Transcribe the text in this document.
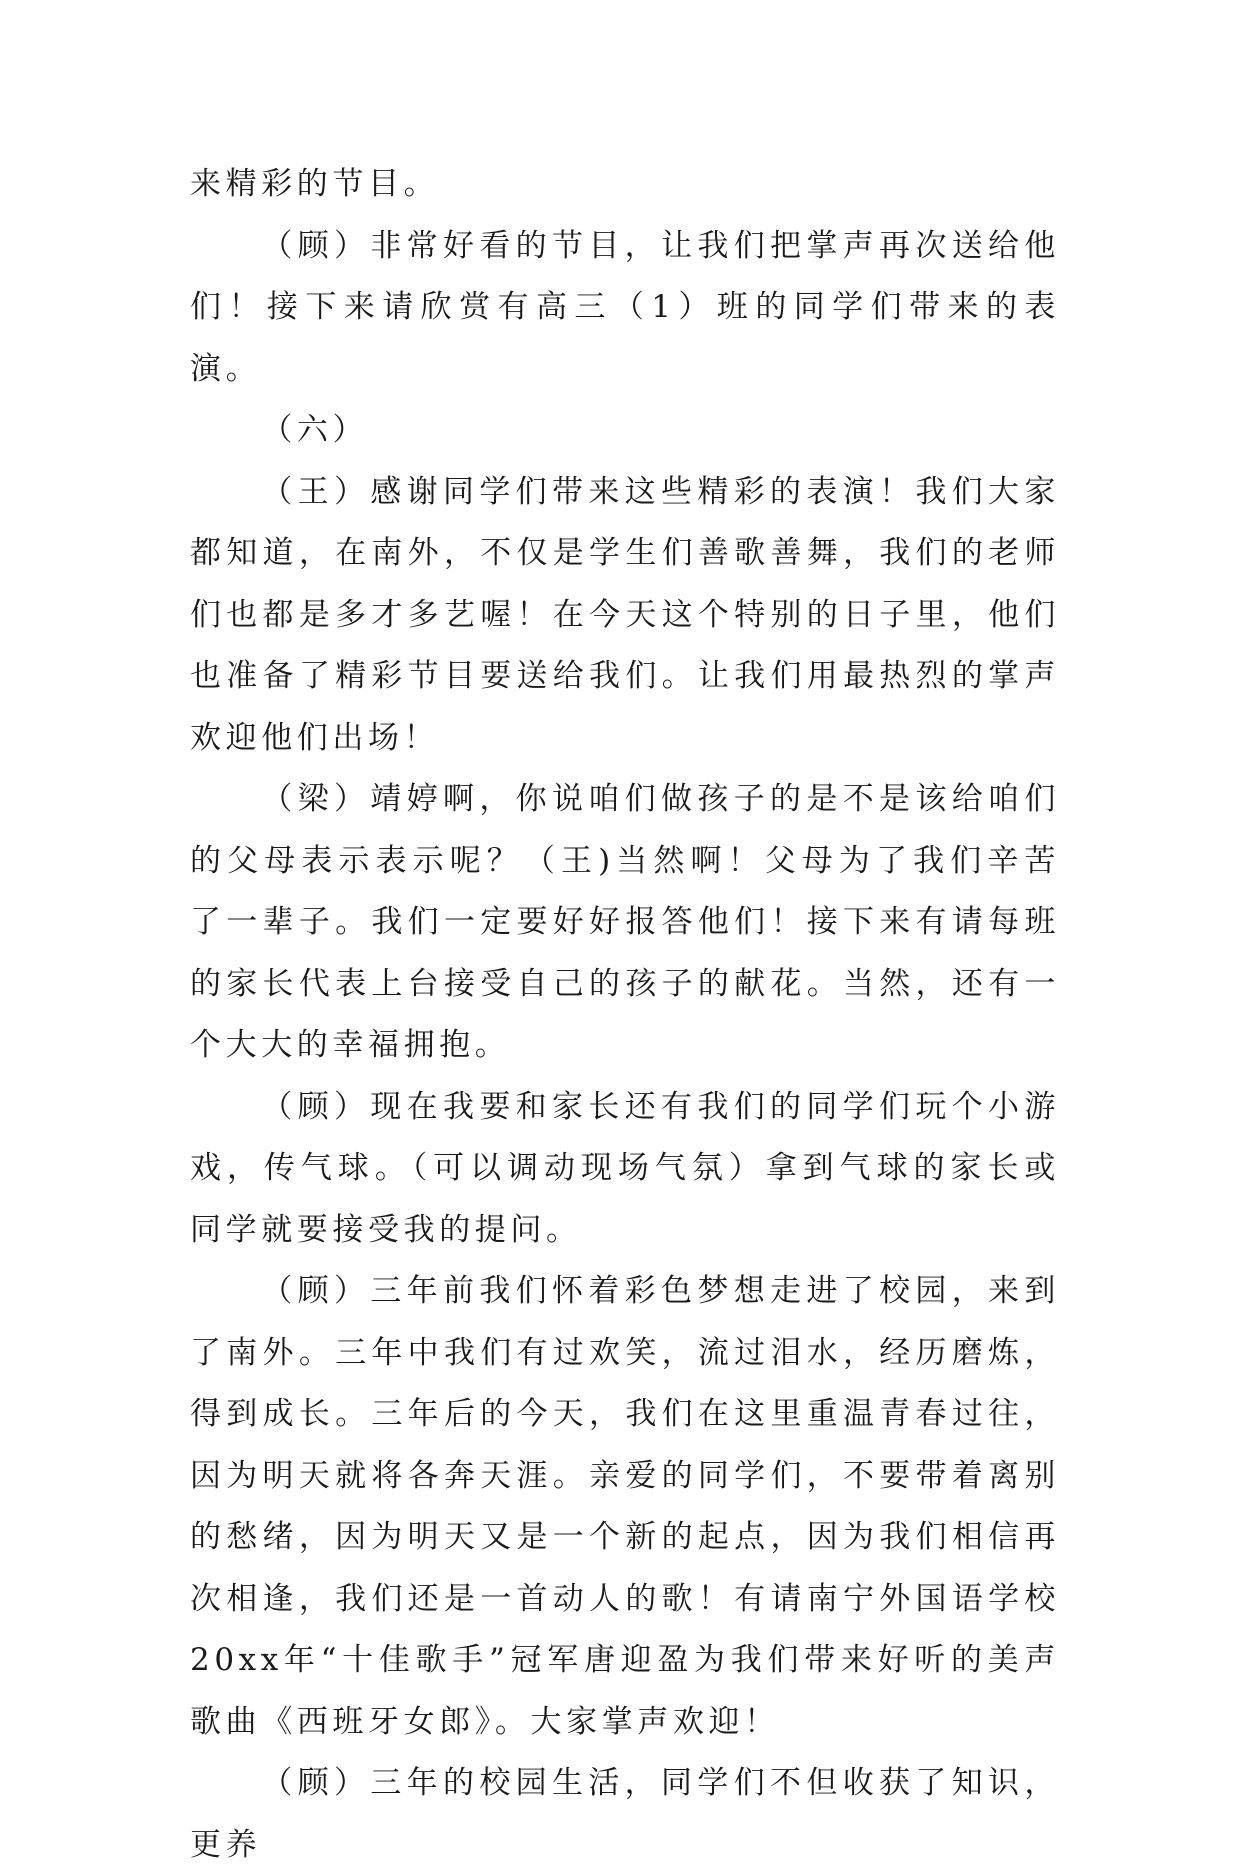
来精彩的节目。

（顾）非常好看的节目，让我们把掌声再次送给他们！接下来请欣赏有高三（1）班的同学们带来的表演。

（六）

（王）感谢同学们带来这些精彩的表演！我们大家都知道，在南外，不仅是学生们善歌善舞，我们的老师们也都是多才多艺喔！在今天这个特别的日子里，他们也准备了精彩节目要送给我们。让我们用最热烈的掌声欢迎他们出场！

（梁）靖婷啊，你说咱们做孩子的是不是该给咱们的父母表示表示呢？（王)当然啊！父母为了我们辛苦了一辈子。我们一定要好好报答他们！接下来有请每班的家长代表上台接受自己的孩子的献花。当然，还有一个大大的幸福拥抱。

（顾）现在我要和家长还有我们的同学们玩个小游戏，传气球。（可以调动现场气氛）拿到气球的家长或同学就要接受我的提问。

（顾）三年前我们怀着彩色梦想走进了校园，来到了南外。三年中我们有过欢笑，流过泪水，经历磨炼，得到成长。三年后的今天，我们在这里重温青春过往，因为明天就将各奔天涯。亲爱的同学们，不要带着离别的愁绪，因为明天又是一个新的起点，因为我们相信再次相逢，我们还是一首动人的歌！有请南宁外国语学校20xx年“十佳歌手”冠军唐迎盈为我们带来好听的美声歌曲《西班牙女郎》。大家掌声欢迎！

（顾）三年的校园生活，同学们不但收获了知识，更养
